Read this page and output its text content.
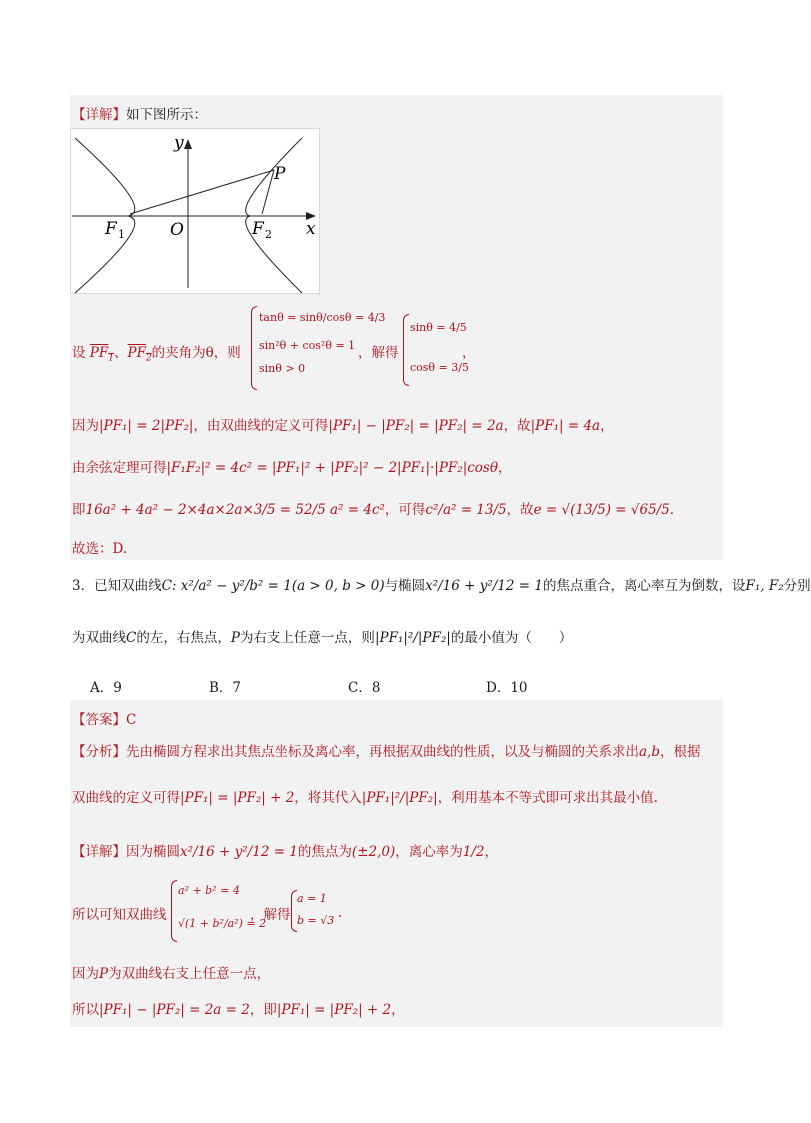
【详解】如下图所示：
y
x
O
F 1	F 2
P
设 $PF_1$、$PF_2$的夹角为θ，则
tanθ = sinθ/cosθ = 4/3
sin²θ + cos²θ = 1
sinθ > 0
，解得
sinθ = 4/5
cosθ = 3/5
，
因为|PF₁| = 2|PF₂|，由双曲线的定义可得|PF₁| − |PF₂| = |PF₂| = 2a，故|PF₁| = 4a，
由余弦定理可得|F₁F₂|² = 4c² = |PF₁|² + |PF₂|² − 2|PF₁|·|PF₂|cosθ，
即16a² + 4a² − 2×4a×2a×3/5 = 52/5 a² = 4c²，可得c²/a² = 13/5，故e = √(13/5) = √65/5.
故选：D.
3．已知双曲线C: x²/a² − y²/b² = 1(a > 0, b > 0)与椭圆x²/16 + y²/12 = 1的焦点重合，离心率互为倒数，设F₁, F₂分别
为双曲线C的左，右焦点，P为右支上任意一点，则|PF₁|²/|PF₂|的最小值为（　　）
A．9	B．7	C．8	D．10
【答案】C
【分析】先由椭圆方程求出其焦点坐标及离心率，再根据双曲线的性质，以及与椭圆的关系求出a,b，根据
双曲线的定义可得|PF₁| = |PF₂| + 2，将其代入|PF₁|²/|PF₂|，利用基本不等式即可求出其最小值.
【详解】因为椭圆x²/16 + y²/12 = 1的焦点为(±2,0)，离心率为1/2，
所以可知双曲线
a² + b² = 4
√(1 + b²/a²) = 2
，解得
a = 1
b = √3 .
因为P为双曲线右支上任意一点，
所以|PF₁| − |PF₂| = 2a = 2，即|PF₁| = |PF₂| + 2，
